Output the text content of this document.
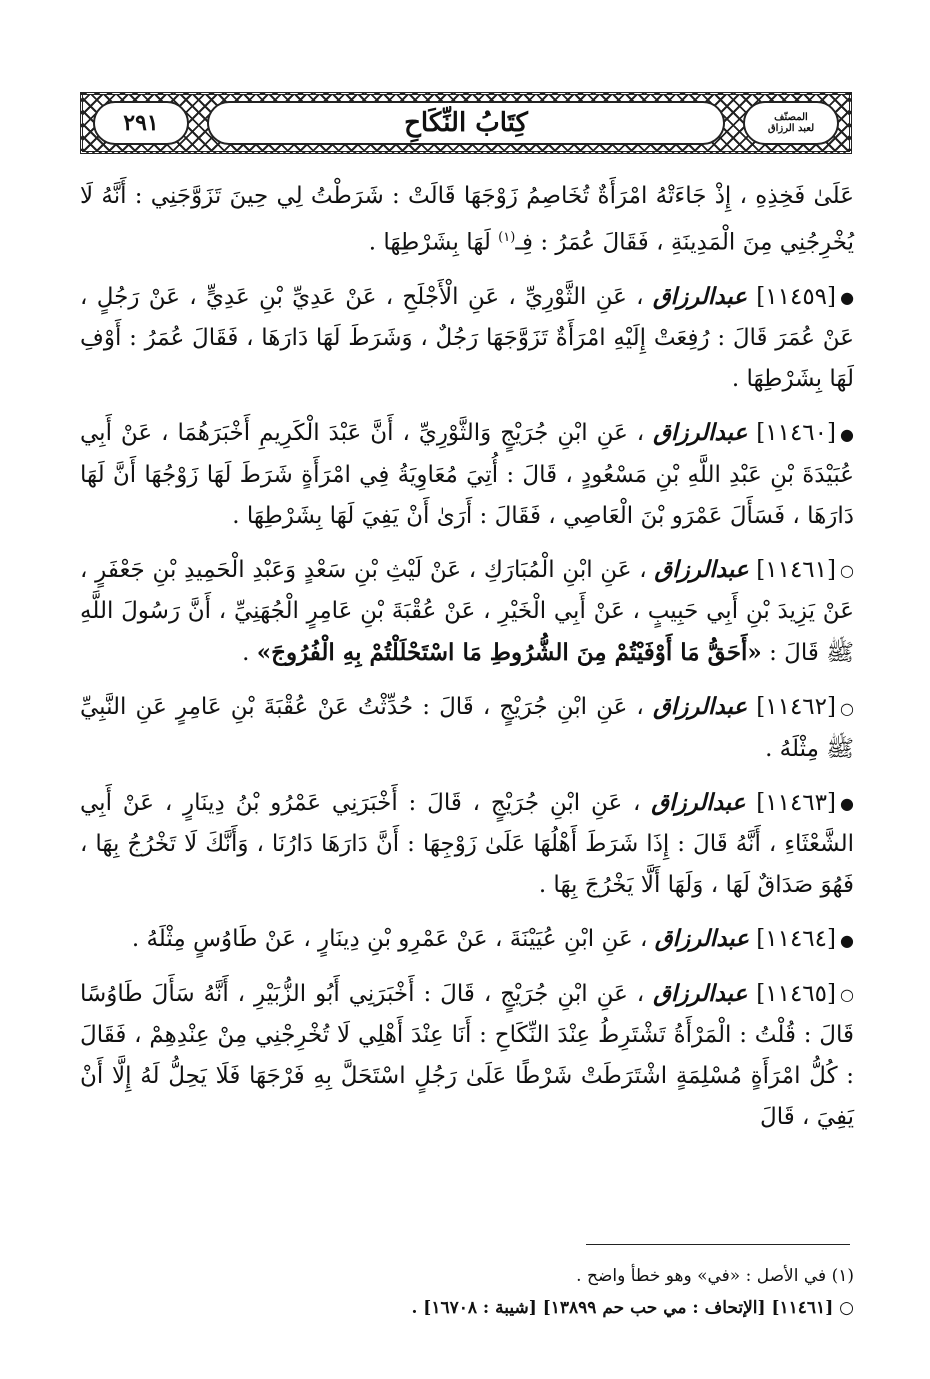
المصنّف
لعبد الرزاق
كِتَابُ النِّكَاحِ
٢٩١

عَلَىٰ فَخِذِهِ ، إِذْ جَاءَتْهُ امْرَأَةٌ تُخَاصِمُ زَوْجَهَا قَالَتْ : شَرَطْتُ لِي حِينَ تَزَوَّجَنِي : أَنَّهُ لَا يُخْرِجُنِي مِنَ الْمَدِينَةِ ، فَقَالَ عُمَرُ : فِـ$^{(١)}$ لَهَا بِشَرْطِهَا .

●[١١٤٥٩] عبدالرزاق ، عَنِ الثَّوْرِيِّ ، عَنِ الْأَجْلَحِ ، عَنْ عَدِيِّ بْنِ عَدِيٍّ ، عَنْ رَجُلٍ ، عَنْ عُمَرَ قَالَ : رُفِعَتْ إِلَيْهِ امْرَأَةٌ تَزَوَّجَهَا رَجُلٌ ، وَشَرَطَ لَهَا دَارَهَا ، فَقَالَ عُمَرُ : أَوْفِ لَهَا بِشَرْطِهَا .

●[١١٤٦٠] عبدالرزاق ، عَنِ ابْنِ جُرَيْجٍ وَالثَّوْرِيِّ ، أَنَّ عَبْدَ الْكَرِيمِ أَخْبَرَهُمَا ، عَنْ أَبِي عُبَيْدَةَ بْنِ عَبْدِ اللَّهِ بْنِ مَسْعُودٍ ، قَالَ : أُتِيَ مُعَاوِيَةُ فِي امْرَأَةٍ شَرَطَ لَهَا زَوْجُهَا أَنَّ لَهَا دَارَهَا ، فَسَأَلَ عَمْرَو بْنَ الْعَاصِي ، فَقَالَ : أَرَىٰ أَنْ يَفِيَ لَهَا بِشَرْطِهَا .

○[١١٤٦١] عبدالرزاق ، عَنِ ابْنِ الْمُبَارَكِ ، عَنْ لَيْثِ بْنِ سَعْدٍ وَعَبْدِ الْحَمِيدِ بْنِ جَعْفَرٍ ، عَنْ يَزِيدَ بْنِ أَبِي حَبِيبٍ ، عَنْ أَبِي الْخَيْرِ ، عَنْ عُقْبَةَ بْنِ عَامِرٍ الْجُهَنِيِّ ، أَنَّ رَسُولَ اللَّهِ ﷺ قَالَ : «أَحَقُّ مَا أَوْفَيْتُمْ مِنَ الشُّرُوطِ مَا اسْتَحْلَلْتُمْ بِهِ الْفُرُوجَ» .

○[١١٤٦٢] عبدالرزاق ، عَنِ ابْنِ جُرَيْجٍ ، قَالَ : حُدِّثْتُ عَنْ عُقْبَةَ بْنِ عَامِرٍ عَنِ النَّبِيِّ ﷺ مِثْلَهُ .

●[١١٤٦٣] عبدالرزاق ، عَنِ ابْنِ جُرَيْجٍ ، قَالَ : أَخْبَرَنِي عَمْرُو بْنُ دِينَارٍ ، عَنْ أَبِي الشَّعْثَاءِ ، أَنَّهُ قَالَ : إِذَا شَرَطَ أَهْلُهَا عَلَىٰ زَوْجِهَا : أَنَّ دَارَهَا دَارُنَا ، وَأَنَّكَ لَا تَخْرُجُ بِهَا ، فَهُوَ صَدَاقٌ لَهَا ، وَلَهَا أَلَّا يَخْرُجَ بِهَا .

●[١١٤٦٤] عبدالرزاق ، عَنِ ابْنِ عُيَيْنَةَ ، عَنْ عَمْرِو بْنِ دِينَارٍ ، عَنْ طَاوُسٍ مِثْلَهُ .

○[١١٤٦٥] عبدالرزاق ، عَنِ ابْنِ جُرَيْجٍ ، قَالَ : أَخْبَرَنِي أَبُو الزُّبَيْرِ ، أَنَّهُ سَأَلَ طَاوُسًا قَالَ : قُلْتُ : الْمَرْأَةُ تَشْتَرِطُ عِنْدَ النِّكَاحِ : أَنَا عِنْدَ أَهْلِي لَا تُخْرِجْنِي مِنْ عِنْدِهِمْ ، فَقَالَ : كُلُّ امْرَأَةٍ مُسْلِمَةٍ اشْتَرَطَتْ شَرْطًا عَلَىٰ رَجُلٍ اسْتَحَلَّ بِهِ فَرْجَهَا فَلَا يَحِلُّ لَهُ إِلَّا أَنْ يَفِيَ ، قَالَ

(١) في الأصل : «في» وهو خطأ واضح .

○ [١١٤٦١] [الإتحاف : مي حب حم ١٣٨٩٩] [شيبة : ١٦٧٠٨] .
